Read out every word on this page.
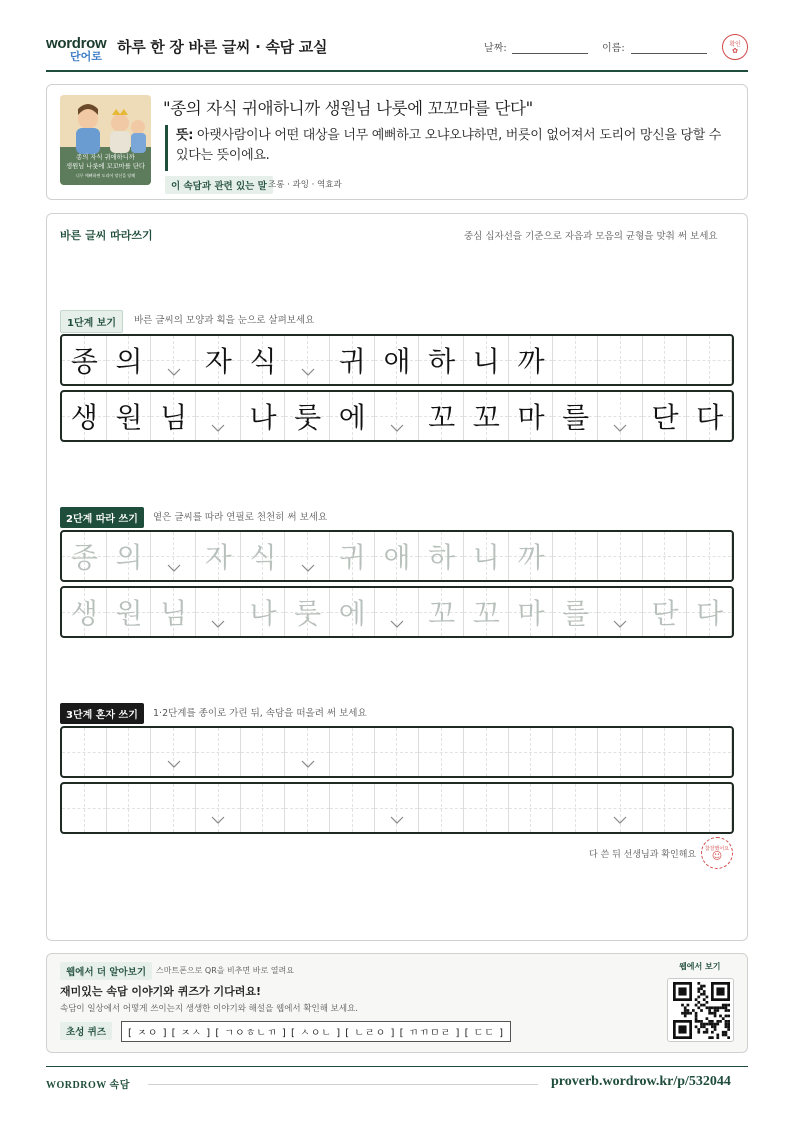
wordrow
단어로
하루 한 장 바른 글씨 · 속담 교실	날짜:	이름:	확인
✿
종의 자식 귀애하니까
생원님 나룻에 꼬꼬마를 단다
너무 예뻐하면 도리어 망신을 당해
"종의 자식 귀애하니까 생원님 나룻에 꼬꼬마를 단다"
뜻: 아랫사람이나 어떤 대상을 너무 예뻐하고 오냐오냐하면, 버릇이 없어져서 도리어 망신을 당할 수 있다는 뜻이에요.
이 속담과 관련 있는 말 조롱 · 과잉 · 역효과
바른 글씨 따라쓰기	중심 십자선을 기준으로 자음과 모음의 균형을 맞춰 써 보세요
1단계 보기	바른 글씨의 모양과 획을 눈으로 살펴보세요
종 의	자 식	귀 애 하 니 까
생 원 님	나 룻 에	꼬 꼬 마 를	단 다
2단계 따라 쓰기	옅은 글씨를 따라 연필로 천천히 써 보세요
종 의	자 식	귀 애 하 니 까
생 원 님	나 룻 에	꼬 꼬 마 를	단 다
3단계 혼자 쓰기	1·2단계를 종이로 가린 뒤, 속담을 떠올려 써 보세요
다 쓴 뒤 선생님과 확인해요
참잘했어요
☺
웹에서 더 알아보기	스마트폰으로 QR을 비추면 바로 열려요
재미있는 속담 이야기와 퀴즈가 기다려요!
속담이 일상에서 어떻게 쓰이는지 생생한 이야기와 해설을 웹에서 확인해 보세요.
초성 퀴즈	[ ㅈㅇ ] [ ㅈㅅ ] [ ㄱㅇㅎㄴㄲ ] [ ㅅㅇㄴ ] [ ㄴㄹㅇ ] [ ㄲㄲㅁㄹ ] [ ㄷㄷ ]
웹에서 보기
WORDROW 속담	proverb.wordrow.kr/p/532044
